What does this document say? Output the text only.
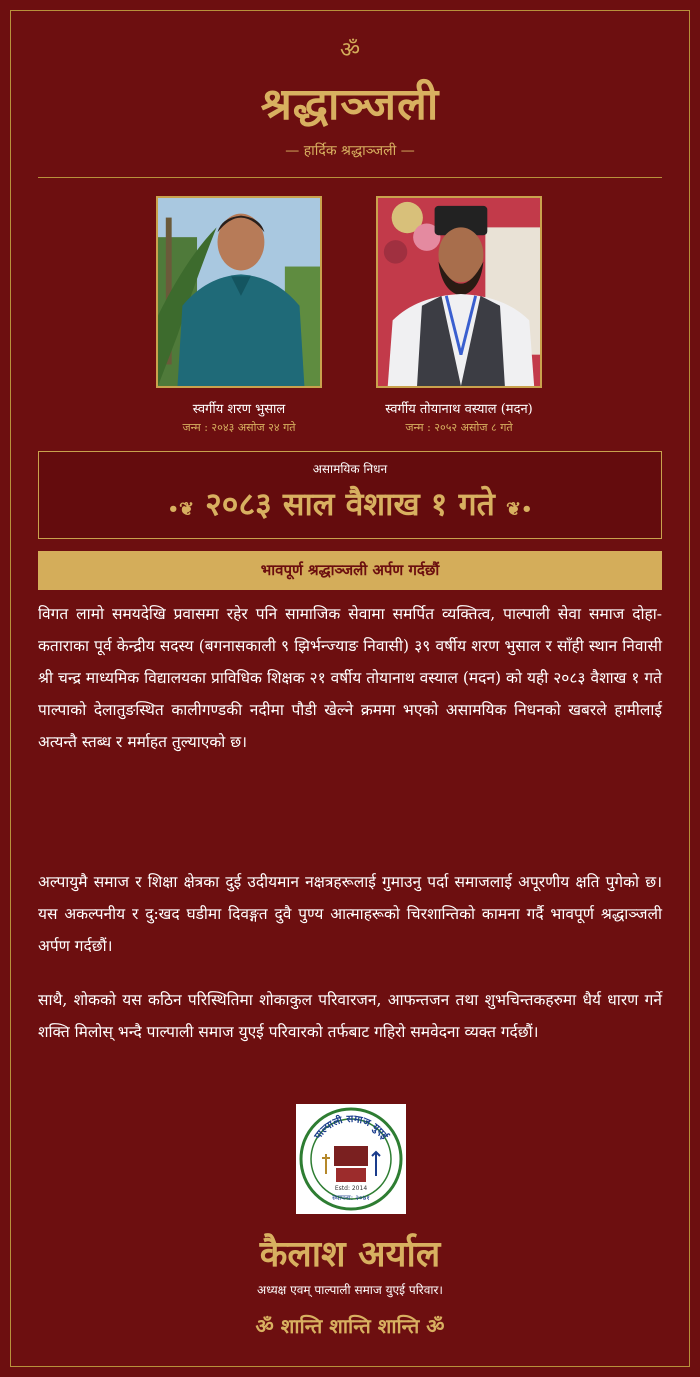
ॐ
श्रद्धाञ्जली
— हार्दिक श्रद्धाञ्जली —
स्वर्गीय शरण भुसाल
जन्म : २०४३ असोज २४ गते
स्वर्गीय तोयानाथ वस्याल (मदन)
जन्म : २०५२ असोज ८ गते
असामयिक निधन
•❦ २०८३ साल वैशाख १ गते ❦•
भावपूर्ण श्रद्धाञ्जली अर्पण गर्दछौं
विगत लामो समयदेखि प्रवासमा रहेर पनि सामाजिक सेवामा समर्पित व्यक्तित्व, पाल्पाली सेवा समाज दोहा-कताराका पूर्व केन्द्रीय सदस्य (बगनासकाली ९ झिर्भन्ज्याङ निवासी) ३९ वर्षीय शरण भुसाल र साँही स्थान निवासी श्री चन्द्र माध्यमिक विद्यालयका प्राविधिक शिक्षक २१ वर्षीय तोयानाथ वस्याल (मदन) को यही २०८३ वैशाख १ गते पाल्पाको देलातुङस्थित कालीगण्डकी नदीमा पौडी खेल्ने क्रममा भएको असामयिक निधनको खबरले हामीलाई अत्यन्तै स्तब्ध र मर्माहत तुल्याएको छ।
अल्पायुमै समाज र शिक्षा क्षेत्रका दुई उदीयमान नक्षत्रहरूलाई गुमाउनु पर्दा समाजलाई अपूरणीय क्षति पुगेको छ। यस अकल्पनीय र दु:खद घडीमा दिवङ्गत दुवै पुण्य आत्माहरूको चिरशान्तिको कामना गर्दै भावपूर्ण श्रद्धाञ्जली अर्पण गर्दछौं।
साथै, शोकको यस कठिन परिस्थितिमा शोकाकुल परिवारजन, आफन्तजन तथा शुभचिन्तकहरुमा धैर्य धारण गर्ने शक्ति मिलोस् भन्दै पाल्पाली समाज युएई परिवारको तर्फबाट गहिरो समवेदना व्यक्त गर्दछौं।
पाल्पाली समाज युएई
Estd: 2014
स्थापना: २०७१
कैलाश अर्याल
अध्यक्ष एवम् पाल्पाली समाज युएई परिवार।
ॐ शान्ति शान्ति शान्ति ॐ
